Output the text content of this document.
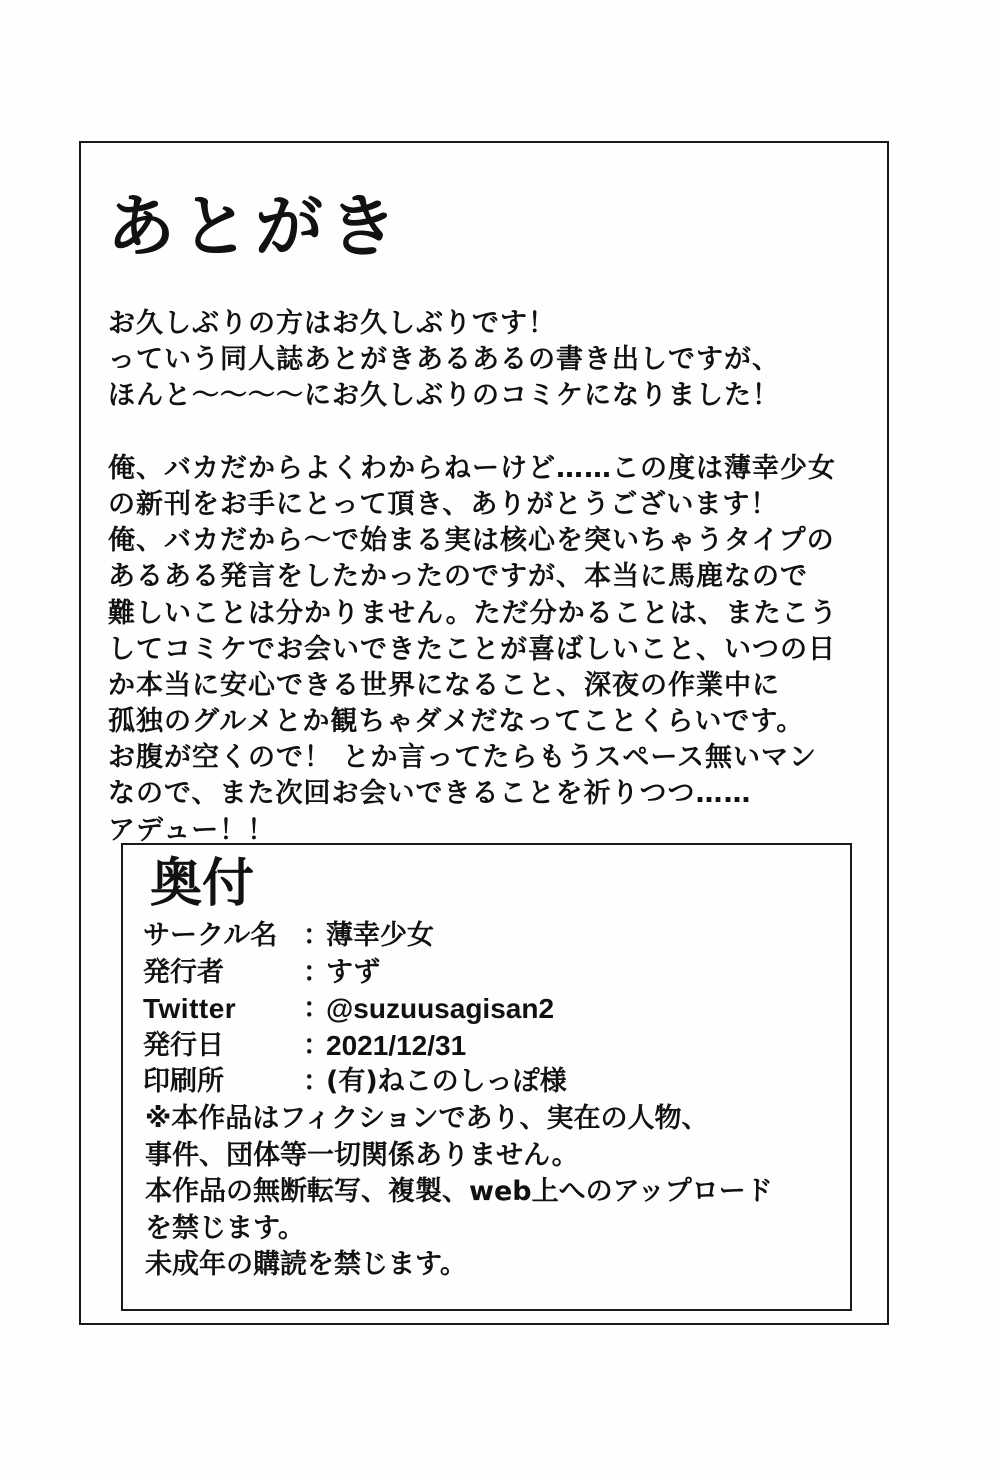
あとがき
お久しぶりの方はお久しぶりです！
っていう同人誌あとがきあるあるの書き出しですが、
ほんと〜〜〜〜にお久しぶりのコミケになりました！
俺、バカだからよくわからねーけど……この度は薄幸少女
の新刊をお手にとって頂き、ありがとうございます！
俺、バカだから〜で始まる実は核心を突いちゃうタイプの
あるある発言をしたかったのですが、本当に馬鹿なので
難しいことは分かりません。ただ分かることは、またこう
してコミケでお会いできたことが喜ばしいこと、いつの日
か本当に安心できる世界になること、深夜の作業中に
孤独のグルメとか観ちゃダメだなってことくらいです。
お腹が空くので！ とか言ってたらもうスペース無いマン
なので、また次回お会いできることを祈りつつ……
アデュー！！
奥付
サークル名 ：
薄幸少女
発行者	：
すず
Twitter ：
@suzuusagisan2
発行日	：
2021/12/31
印刷所	：
(有)ねこのしっぽ様
※本作品はフィクションであり、実在の人物、
事件、団体等一切関係ありません。
本作品の無断転写、複製、web上へのアップロード
を禁じます。
未成年の購読を禁じます。
